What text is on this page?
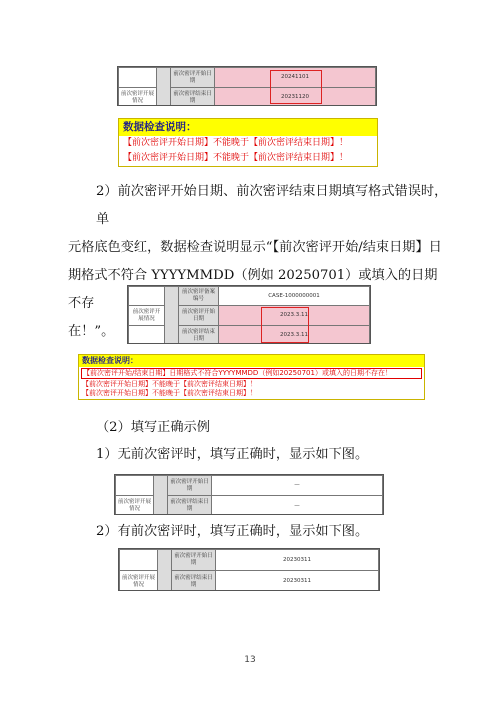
		前次密评开始日期	20241101
前次密评开展情况		前次密评结束日期	20231120
数据检查说明：
【前次密评开始日期】不能晚于【前次密评结束日期】！
【前次密评开始日期】不能晚于【前次密评结束日期】！
2）前次密评开始日期、前次密评结束日期填写格式错误时，单
元格底色变红，数据检查说明显示“【前次密评开始/结束日期】日
期格式不符合 YYYYMMDD（例如 20250701）或填入的日期不存
在！”。
		前次密评备案编号	CASE-1000000001
前次密评开展情况		前次密评开始日期	2023.3.11
		前次密评结束日期	2023.3.11
数据检查说明：
【前次密评开始/结束日期】日期格式不符合YYYYMMDD（例如20250701）或填入的日期不存在！
【前次密评开始日期】不能晚于【前次密评结束日期】！
【前次密评开始日期】不能晚于【前次密评结束日期】！
（2）填写正确示例
1）无前次密评时，填写正确时，显示如下图。
		前次密评开始日期	—
前次密评开展情况		前次密评结束日期	—
2）有前次密评时，填写正确时，显示如下图。
		前次密评开始日期	20230311
前次密评开展情况		前次密评结束日期	20230311
13
